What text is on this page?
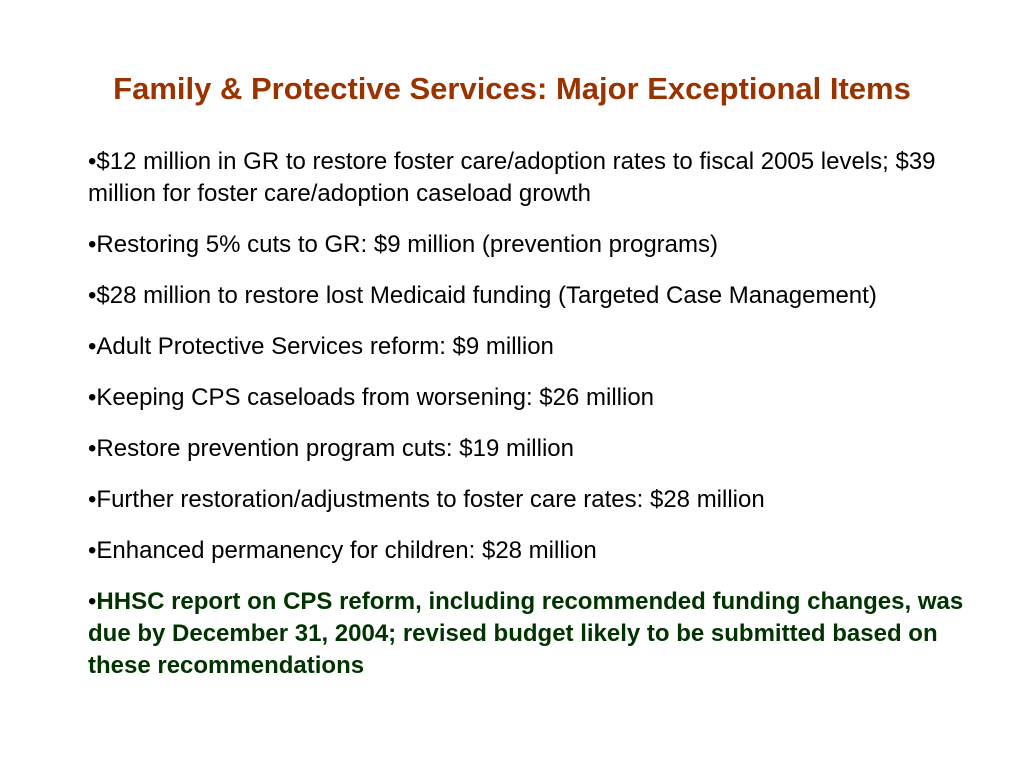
Family & Protective Services: Major Exceptional Items
•$12 million in GR to restore foster care/adoption rates to fiscal 2005 levels; $39 million for foster care/adoption caseload growth
•Restoring 5% cuts to GR: $9 million (prevention programs)
•$28 million to restore lost Medicaid funding (Targeted Case Management)
•Adult Protective Services reform: $9 million
•Keeping CPS caseloads from worsening: $26 million
•Restore prevention program cuts: $19 million
•Further restoration/adjustments to foster care rates: $28 million
•Enhanced permanency for children: $28 million
•HHSC report on CPS reform, including recommended funding changes, was due by December 31, 2004; revised budget likely to be submitted based on these recommendations
